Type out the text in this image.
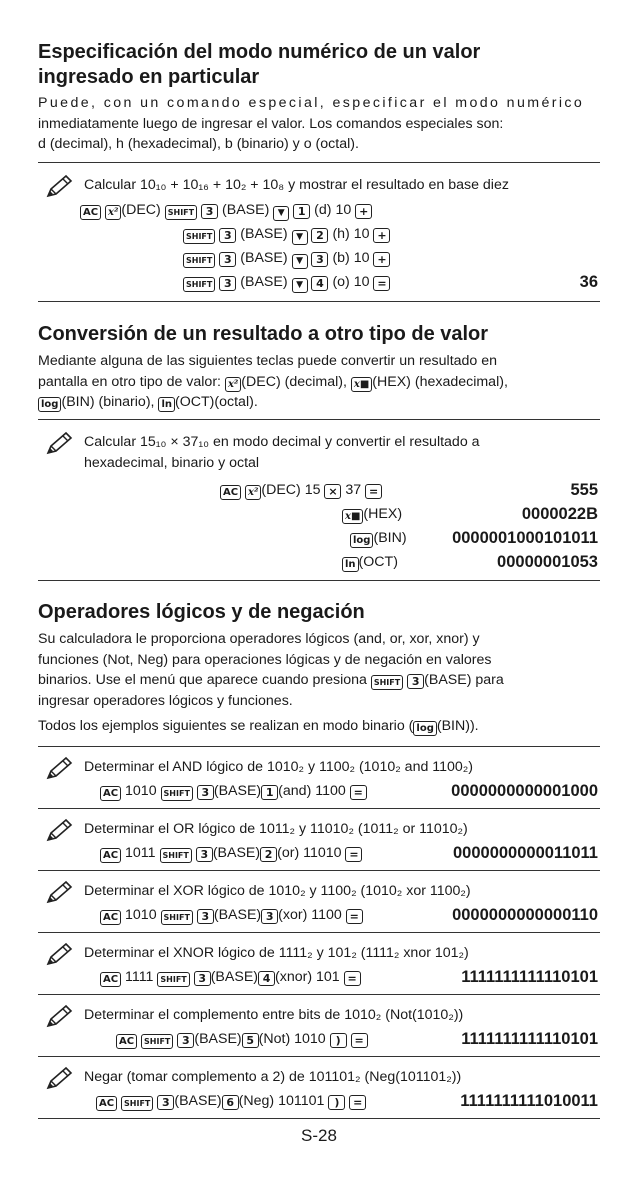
Especificación del modo numérico de un valor
ingresado en particular
Puede, con un comando especial, especificar el modo numérico
inmediatamente luego de ingresar el valor. Los comandos especiales son:
d (decimal), h (hexadecimal), b (binario) y o (octal).
Calcular 10₁₀ + 10₁₆ + 10₂ + 10₈ y mostrar el resultado en base diez
AC x² (DEC) SHIFT 3 (BASE) ▼ 1 (d) 10 +
SHIFT 3 (BASE) ▼ 2 (h) 10 +
SHIFT 3 (BASE) ▼ 3 (b) 10 +
SHIFT 3 (BASE) ▼ 4 (o) 10 =	36
Conversión de un resultado a otro tipo de valor
Mediante alguna de las siguientes teclas puede convertir un resultado en
pantalla en otro tipo de valor: x² (DEC) (decimal), x■ (HEX) (hexadecimal),
log (BIN) (binario), ln (OCT)(octal).
Calcular 15₁₀ × 37₁₀ en modo decimal y convertir el resultado a
hexadecimal, binario y octal
AC x² (DEC) 15 × 37 =	555
x■ (HEX)	0000022B
log (BIN)	0000001000101011
ln (OCT)	00000001053
Operadores lógicos y de negación
Su calculadora le proporciona operadores lógicos (and, or, xor, xnor) y
funciones (Not, Neg) para operaciones lógicas y de negación en valores
binarios. Use el menú que aparece cuando presiona SHIFT 3 (BASE) para
ingresar operadores lógicos y funciones.
Todos los ejemplos siguientes se realizan en modo binario ( log (BIN)).
Determinar el AND lógico de 1010₂ y 1100₂ (1010₂ and 1100₂)
AC 1010 SHIFT 3 (BASE) 1 (and) 1100 =	0000000000001000
Determinar el OR lógico de 1011₂ y 11010₂ (1011₂ or 11010₂)
AC 1011 SHIFT 3 (BASE) 2 (or) 11010 =	0000000000011011
Determinar el XOR lógico de 1010₂ y 1100₂ (1010₂ xor 1100₂)
AC 1010 SHIFT 3 (BASE) 3 (xor) 1100 =	0000000000000110
Determinar el XNOR lógico de 1111₂ y 101₂ (1111₂ xnor 101₂)
AC 1111 SHIFT 3 (BASE) 4 (xnor) 101 =	1111111111110101
Determinar el complemento entre bits de 1010₂ (Not(1010₂))
AC SHIFT 3 (BASE) 5 (Not) 1010 ) =	1111111111110101
Negar (tomar complemento a 2) de 101101₂ (Neg(101101₂))
AC SHIFT 3 (BASE) 6 (Neg) 101101 ) =	1111111111010011
S-28
